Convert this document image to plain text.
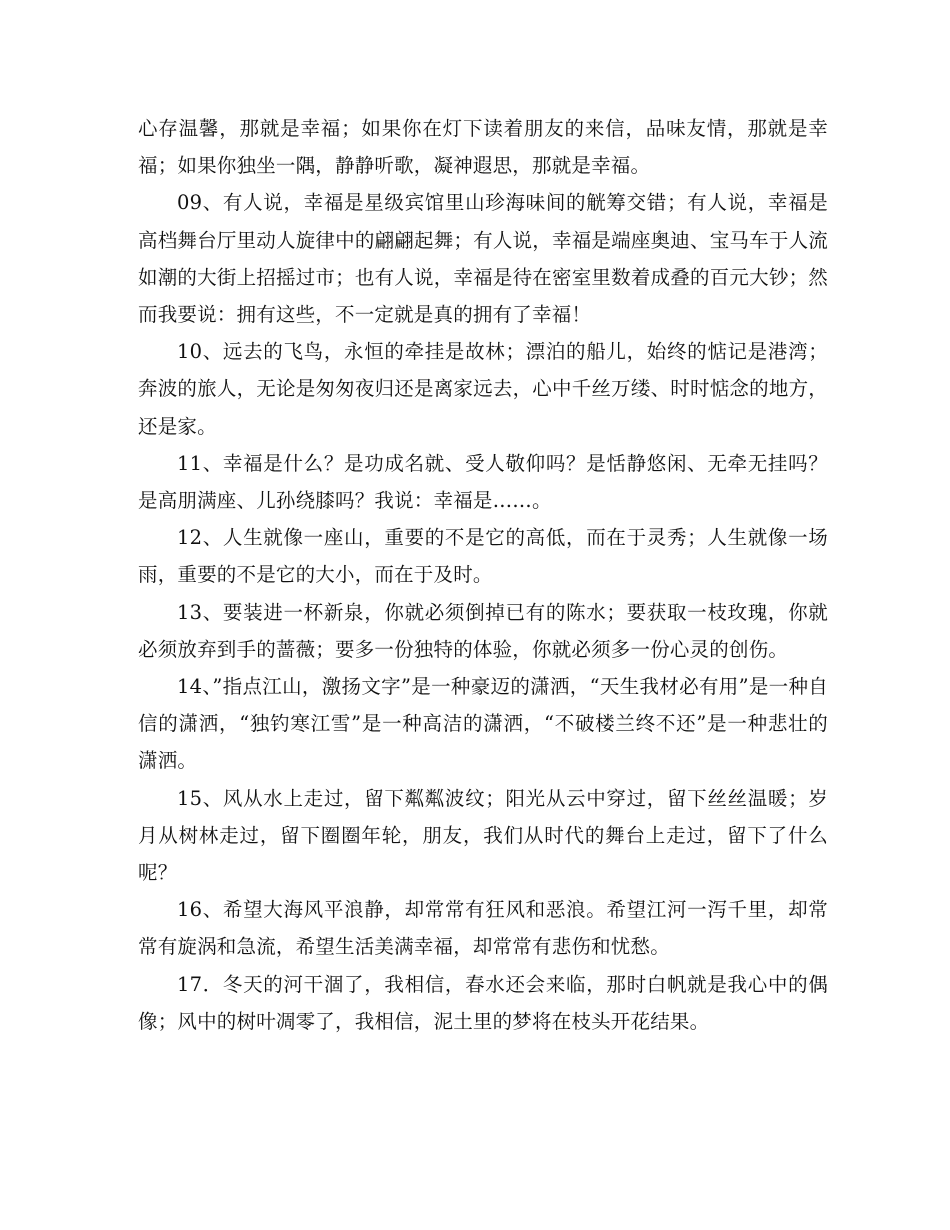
心存温馨，那就是幸福；如果你在灯下读着朋友的来信，品味友情，那就是幸福；如果你独坐一隅，静静听歌，凝神遐思，那就是幸福。

09、有人说，幸福是星级宾馆里山珍海味间的觥筹交错；有人说，幸福是高档舞台厅里动人旋律中的翩翩起舞；有人说，幸福是端座奥迪、宝马车于人流如潮的大街上招摇过市；也有人说，幸福是待在密室里数着成叠的百元大钞；然而我要说：拥有这些，不一定就是真的拥有了幸福！

10、远去的飞鸟，永恒的牵挂是故林；漂泊的船儿，始终的惦记是港湾；奔波的旅人，无论是匆匆夜归还是离家远去，心中千丝万缕、时时惦念的地方，还是家。

11、幸福是什么？是功成名就、受人敬仰吗？是恬静悠闲、无牵无挂吗？是高朋满座、儿孙绕膝吗？我说：幸福是……。

12、人生就像一座山，重要的不是它的高低，而在于灵秀；人生就像一场雨，重要的不是它的大小，而在于及时。

13、要装进一杯新泉，你就必须倒掉已有的陈水；要获取一枝玫瑰，你就必须放弃到手的蔷薇；要多一份独特的体验，你就必须多一份心灵的创伤。

14、”指点江山，激扬文字”是一种豪迈的潇洒，“天生我材必有用”是一种自信的潇洒，“独钓寒江雪”是一种高洁的潇洒，“不破楼兰终不还”是一种悲壮的潇洒。

15、风从水上走过，留下粼粼波纹；阳光从云中穿过，留下丝丝温暖；岁月从树林走过，留下圈圈年轮，朋友，我们从时代的舞台上走过，留下了什么呢？

16、希望大海风平浪静，却常常有狂风和恶浪。希望江河一泻千里，却常常有旋涡和急流，希望生活美满幸福，却常常有悲伤和忧愁。

17．冬天的河干涸了，我相信，春水还会来临，那时白帆就是我心中的偶像；风中的树叶凋零了，我相信，泥土里的梦将在枝头开花结果。
